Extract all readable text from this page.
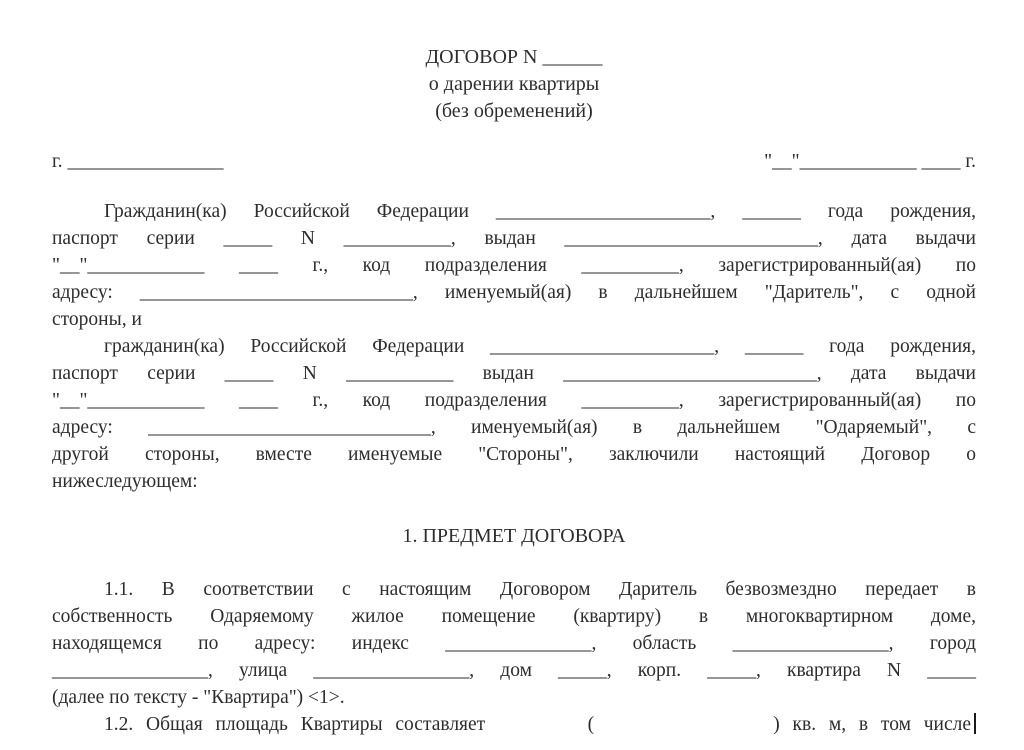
ДОГОВОР N ______
о дарении квартиры
(без обременений)
г. ________________	"__"____________ ____ г.
Гражданин(ка) Российской Федерации ______________________, ______ года рождения,
паспорт серии _____ N ___________, выдан __________________________, дата выдачи
"__"____________ ____ г., код подразделения __________, зарегистрированный(ая) по
адресу: ____________________________, именуемый(ая) в дальнейшем "Даритель", с одной
стороны, и
гражданин(ка) Российской Федерации _______________________, ______ года рождения,
паспорт серии _____ N ___________ выдан __________________________, дата выдачи
"__"____________ ____ г., код подразделения __________, зарегистрированный(ая) по
адресу: _____________________________, именуемый(ая) в дальнейшем "Одаряемый", с
другой стороны, вместе именуемые "Стороны", заключили настоящий Договор о
нижеследующем:
1. ПРЕДМЕТ ДОГОВОРА
1.1. В соответствии с настоящим Договором Даритель безвозмездно передает в
собственность Одаряемому жилое помещение (квартиру) в многоквартирном доме,
находящемся по адресу: индекс _______________, область ________________, город
________________, улица ________________, дом _____, корп. _____, квартира N _____
(далее по тексту - "Квартира") <1>.
1.2. Общая площадь Квартиры составляет        (              ) кв. м, в том числе
